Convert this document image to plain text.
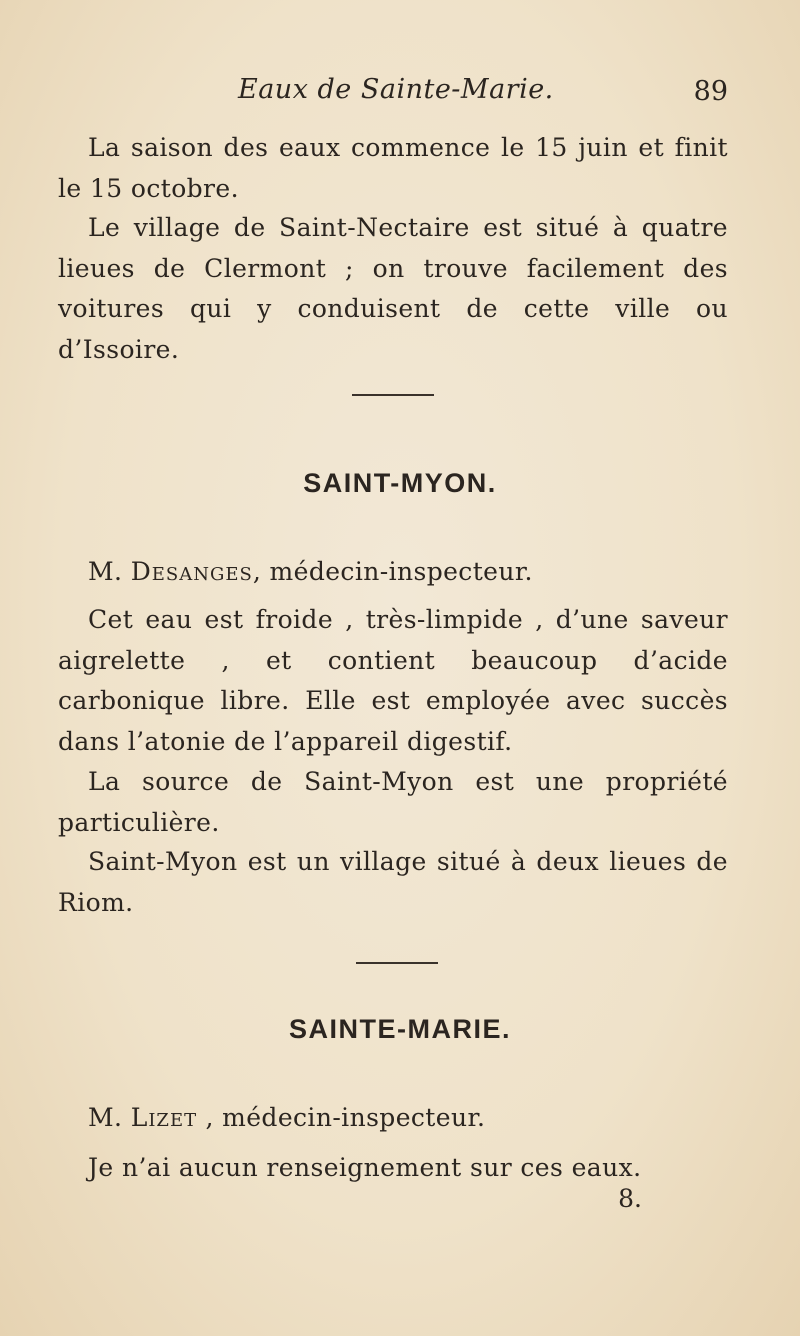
Eaux de Sainte-Marie.	89

La saison des eaux commence le 15 juin et finit le 15 octobre.

Le village de Saint-Nectaire est situé à quatre lieues de Clermont ; on trouve facilement des voitures qui y conduisent de cette ville ou d’Issoire.

SAINT-MYON.

M. Desanges, médecin-inspecteur.

Cet eau est froide , très-limpide , d’une saveur aigrelette , et contient beaucoup d’acide carbonique libre. Elle est employée avec succès dans l’atonie de l’appareil digestif.

La source de Saint-Myon est une propriété particulière.

Saint-Myon est un village situé à deux lieues de Riom.

SAINTE-MARIE.

M. Lizet , médecin-inspecteur.

Je n’ai aucun renseignement sur ces eaux.

8.
